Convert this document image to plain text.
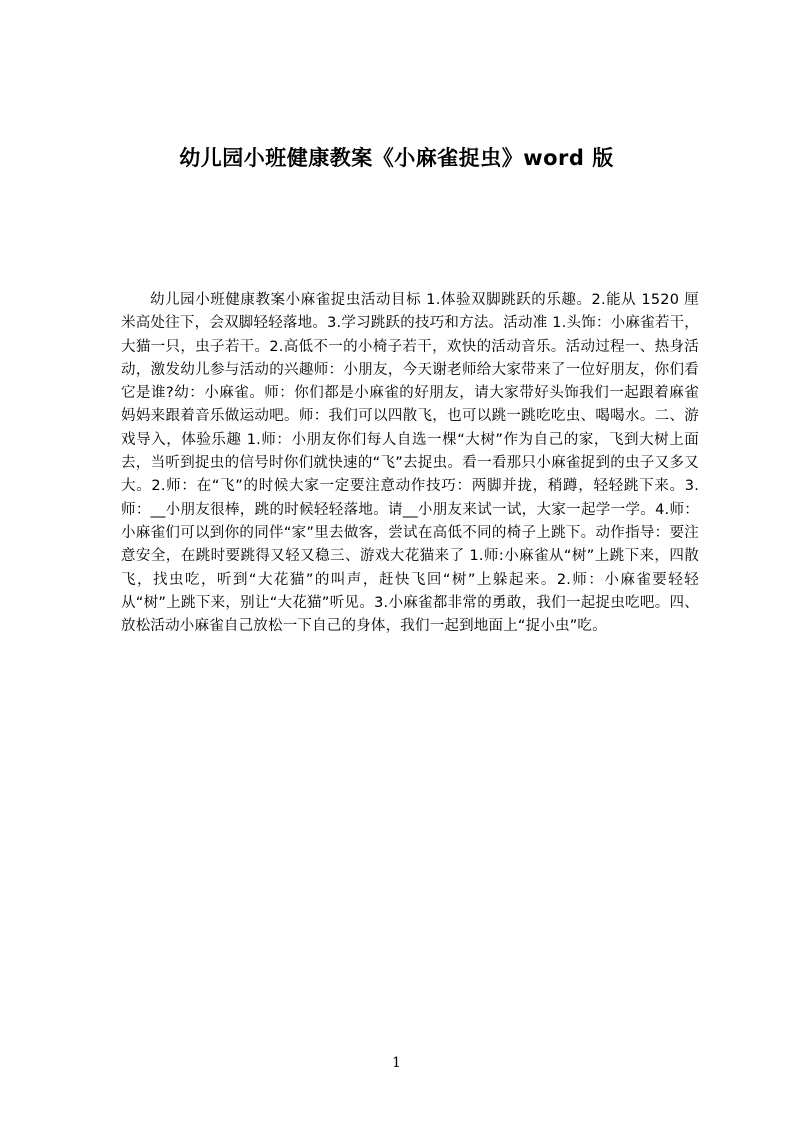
幼儿园小班健康教案《小麻雀捉虫》word 版

幼儿园小班健康教案小麻雀捉虫活动目标 1.体验双脚跳跃的乐趣。2.能从 1520 厘米高处往下，会双脚轻轻落地。3.学习跳跃的技巧和方法。活动准 1.头饰：小麻雀若干，大猫一只，虫子若干。2.高低不一的小椅子若干，欢快的活动音乐。活动过程一、热身活动，激发幼儿参与活动的兴趣师：小朋友，今天谢老师给大家带来了一位好朋友，你们看它是谁?幼：小麻雀。师：你们都是小麻雀的好朋友，请大家带好头饰我们一起跟着麻雀妈妈来跟着音乐做运动吧。师：我们可以四散飞，也可以跳一跳吃吃虫、喝喝水。二、游戏导入，体验乐趣 1.师：小朋友你们每人自选一棵“大树”作为自己的家，飞到大树上面去，当听到捉虫的信号时你们就快速的“飞”去捉虫。看一看那只小麻雀捉到的虫子又多又大。2.师：在“飞”的时候大家一定要注意动作技巧：两脚并拢，稍蹲，轻轻跳下来。3.师：__小朋友很棒，跳的时候轻轻落地。请__小朋友来试一试，大家一起学一学。4.师：小麻雀们可以到你的同伴“家”里去做客，尝试在高低不同的椅子上跳下。动作指导：要注意安全，在跳时要跳得又轻又稳三、游戏大花猫来了 1.师:小麻雀从“树”上跳下来，四散飞，找虫吃，听到“大花猫”的叫声，赶快飞回“树”上躲起来。2.师：小麻雀要轻轻从“树”上跳下来，别让“大花猫”听见。3.小麻雀都非常的勇敢，我们一起捉虫吃吧。四、放松活动小麻雀自己放松一下自己的身体，我们一起到地面上“捉小虫”吃。

1
